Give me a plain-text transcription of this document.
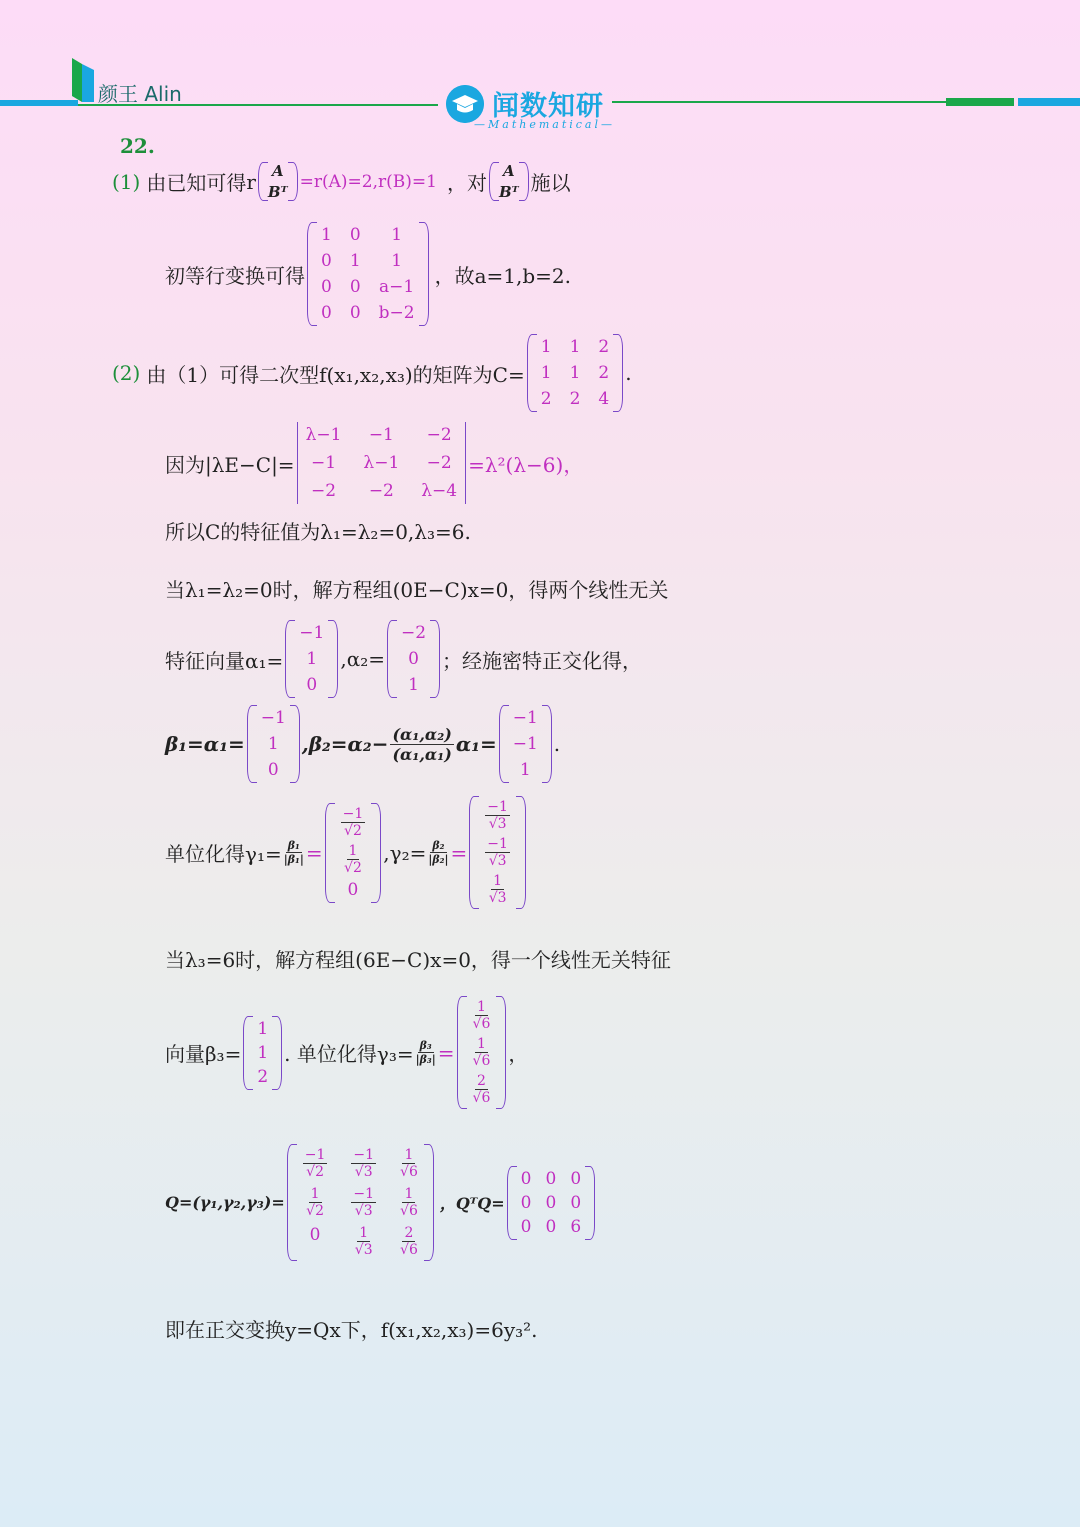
颜王 Alin	闻数知研
—Mathematical—
22.
(1) 由已知可得 r A
Bᵀ
=r(A)=2,r(B)=1 ，对 A
Bᵀ 施以
初等行变换可得
1 0	1
0 1	1
0 0 a−1
0 0 b−2
，故a=1,b=2.
(2) 由（1）可得二次型f(x₁,x₂,x₃)的矩阵为C=
1 1 2
1 1 2
2 2 4
.
因为|λE−C|=
λ−1	−1	−2
−1	λ−1	−2
−2	−2	λ−4
=λ²(λ−6)，
所以C的特征值为λ₁=λ₂=0,λ₃=6.
当λ₁=λ₂=0时，解方程组(0E−C)x=0，得两个线性无关
特征向量α₁=
−1
1
0
,α₂=
−2
0
1
；经施密特正交化得，
β₁=α₁=
−1
1
0
$,\beta_2=\alpha_2- \frac{\text{(α₁,α₂)}}{\text{(α₁,α₁)}} \alpha_1=$
−1
−1
1
.
单位化得$\gamma_1= \frac{\text{β₁}}{\text{|β₁|}}$ =
$\frac{-1}{√2}$
$\frac{1}{√2}$
0
$,\gamma_2= \frac{\text{β₂}}{\text{|β₂|}}$ =
$\frac{-1}{√3}$
$\frac{-1}{√3}$
$\frac{1}{√3}$
当λ₃=6时，解方程组(6E−C)x=0，得一个线性无关特征
向量β₃=
1
1
2
. 单位化得$\gamma_3= \frac{\text{β₃}}{\text{|β₃|}}$ =
$\frac{1}{√6}$
$\frac{1}{√6}$
$\frac{2}{√6}$
，
Q=(γ₁,γ₂,γ₃)=
$\frac{-1}{√2} \frac{-1}{√3} \frac{1}{√6}$
$\frac{1}{√2} \frac{-1}{√3} \frac{1}{√6}$
0	$\frac{1}{√3} \frac{2}{√6}$
，QᵀQ=
0 0 0
0 0 0
0 0 6
即在正交变换y=Qx下，f(x₁,x₂,x₃)=6y₃².
